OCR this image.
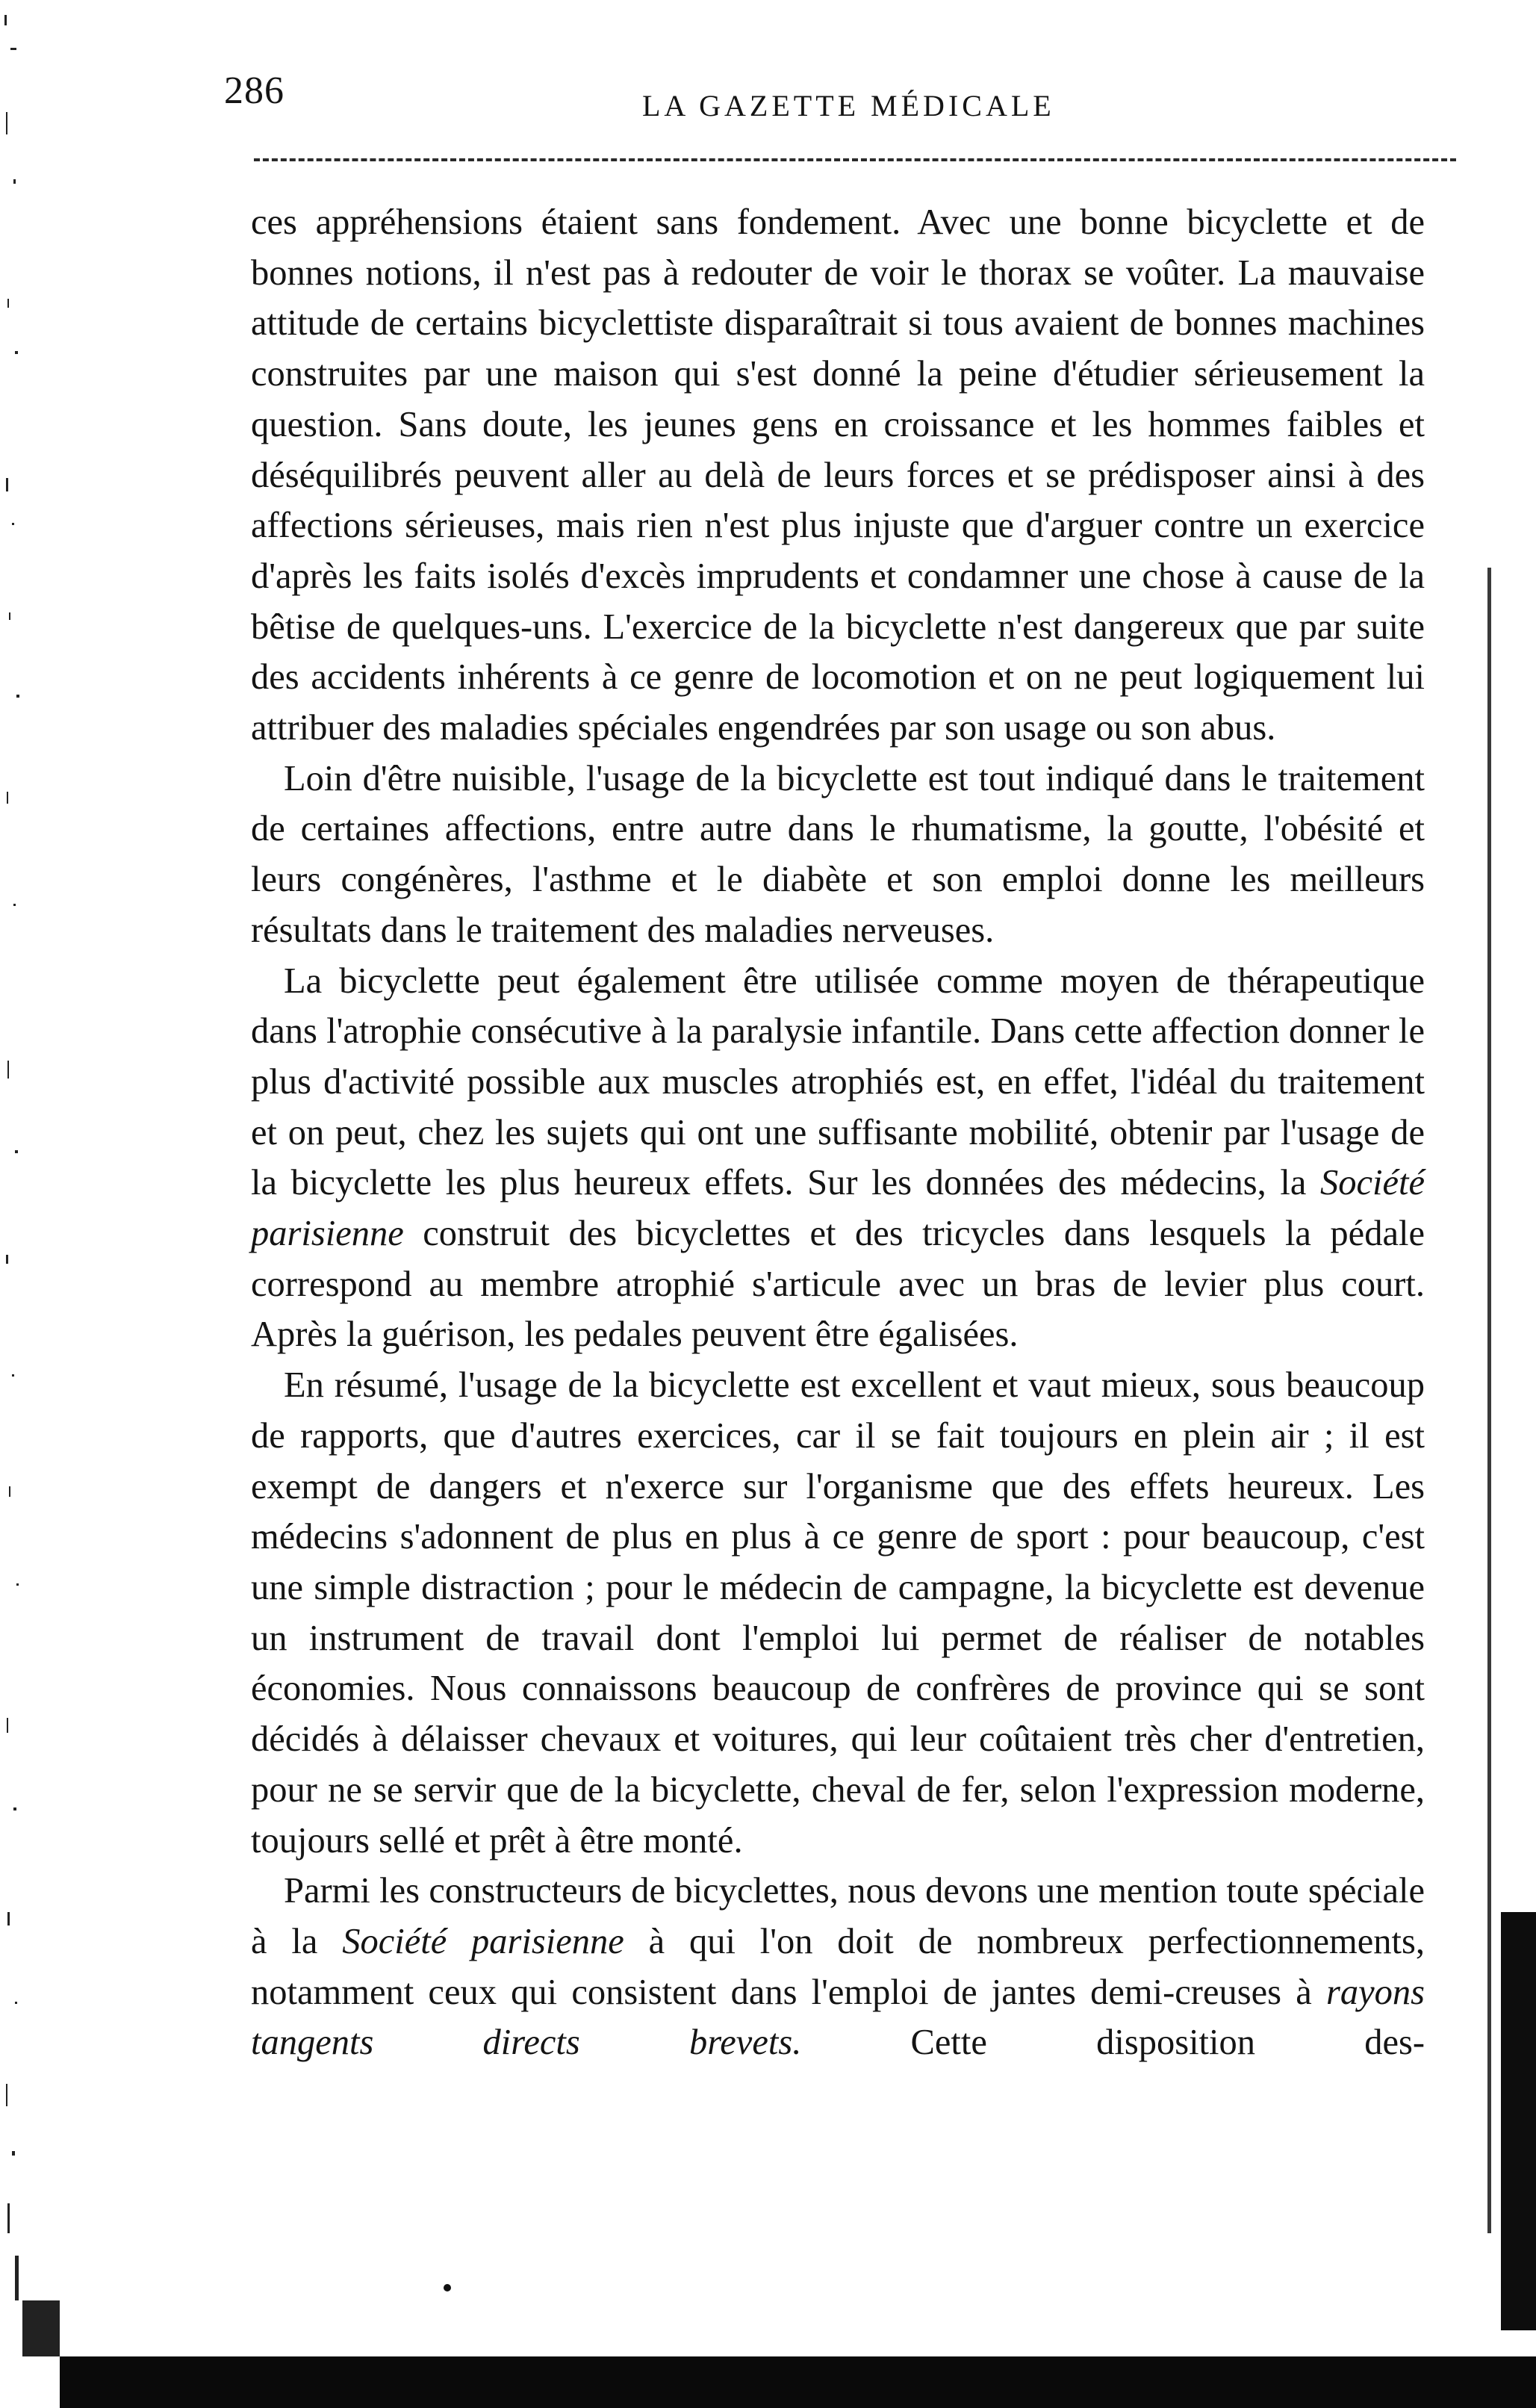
286	LA GAZETTE MÉDICALE

ces appréhensions étaient sans fondement. Avec une bonne bicyclette et de bonnes notions, il n'est pas à redouter de voir le thorax se voûter. La mauvaise attitude de certains bicyclettiste disparaîtrait si tous avaient de bonnes machines construites par une maison qui s'est donné la peine d'étudier sérieusement la question. Sans doute, les jeunes gens en croissance et les hommes faibles et déséquilibrés peuvent aller au delà de leurs forces et se prédisposer ainsi à des affections sérieuses, mais rien n'est plus injuste que d'arguer contre un exercice d'après les faits isolés d'excès imprudents et condamner une chose à cause de la bêtise de quelques-uns. L'exercice de la bicyclette n'est dangereux que par suite des accidents inhérents à ce genre de locomotion et on ne peut logiquement lui attribuer des maladies spéciales engendrées par son usage ou son abus.

Loin d'être nuisible, l'usage de la bicyclette est tout indiqué dans le traitement de certaines affections, entre autre dans le rhumatisme, la goutte, l'obésité et leurs congénères, l'asthme et le diabète et son emploi donne les meilleurs résultats dans le traitement des maladies nerveuses.

La bicyclette peut également être utilisée comme moyen de thérapeutique dans l'atrophie consécutive à la paralysie infantile. Dans cette affection donner le plus d'activité possible aux muscles atrophiés est, en effet, l'idéal du traitement et on peut, chez les sujets qui ont une suffisante mobilité, obtenir par l'usage de la bicyclette les plus heureux effets. Sur les données des médecins, la Société parisienne construit des bicyclettes et des tricycles dans lesquels la pédale correspond au membre atrophié s'articule avec un bras de levier plus court. Après la guérison, les pedales peuvent être égalisées.

En résumé, l'usage de la bicyclette est excellent et vaut mieux, sous beaucoup de rapports, que d'autres exercices, car il se fait toujours en plein air ; il est exempt de dangers et n'exerce sur l'organisme que des effets heureux. Les médecins s'adonnent de plus en plus à ce genre de sport : pour beaucoup, c'est une simple distraction ; pour le médecin de campagne, la bicyclette est devenue un instrument de travail dont l'emploi lui permet de réaliser de notables économies. Nous connaissons beaucoup de confrères de province qui se sont décidés à délaisser chevaux et voitures, qui leur coûtaient très cher d'entretien, pour ne se servir que de la bicyclette, cheval de fer, selon l'expression moderne, toujours sellé et prêt à être monté.

Parmi les constructeurs de bicyclettes, nous devons une mention toute spéciale à la Société parisienne à qui l'on doit de nombreux perfectionnements, notamment ceux qui consistent dans l'emploi de jantes demi-creuses à rayons tangents directs brevets. Cette disposition des-
